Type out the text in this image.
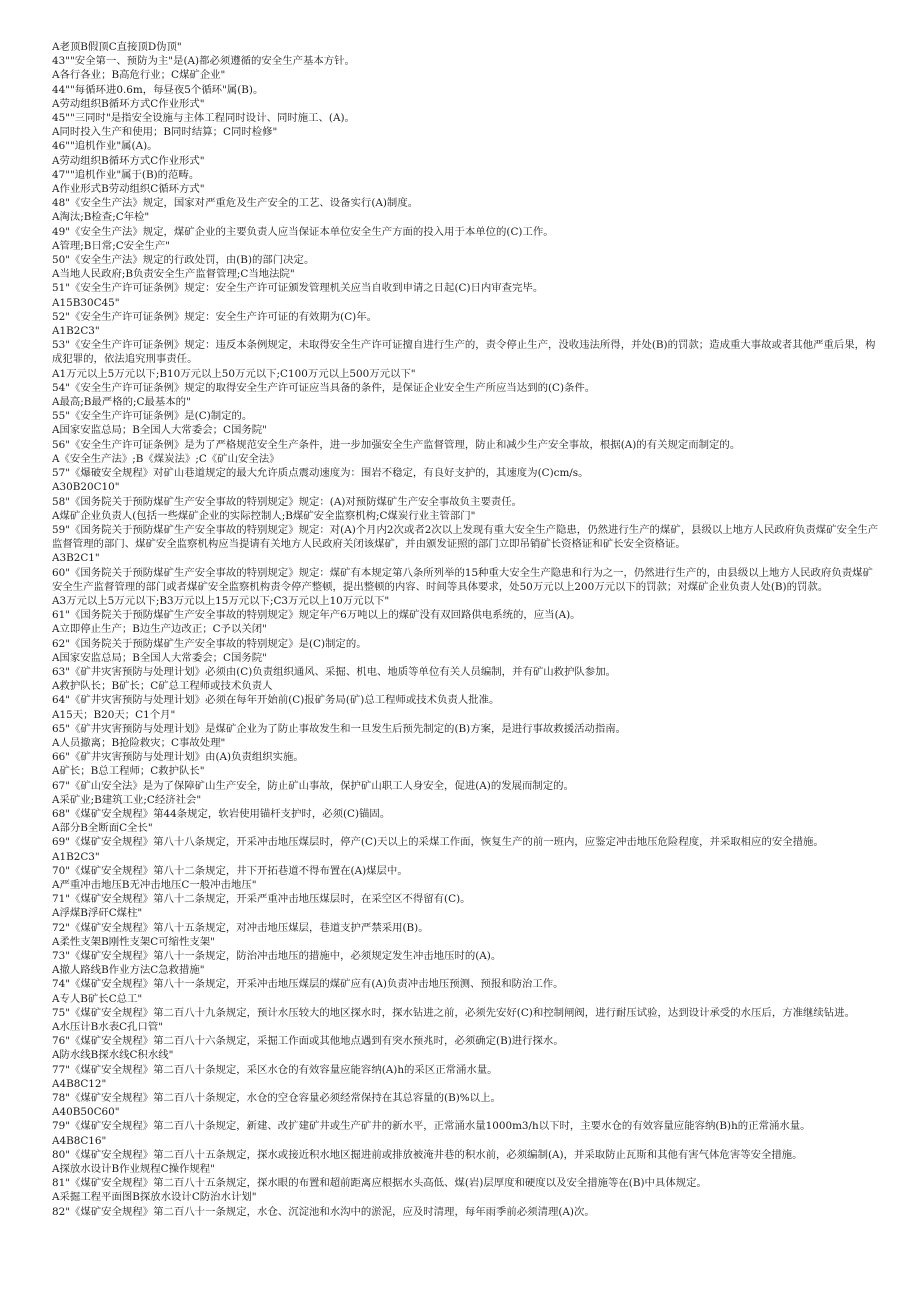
A老顶B假顶C直接顶D伪顶"

43""安全第一、预防为主"是(A)都必须遵循的安全生产基本方针。

A各行各业；B高危行业；C煤矿企业"

44""每循环进0.6m，每昼夜5个循环"属(B)。

A劳动组织B循环方式C作业形式"

45""三同时"是指安全设施与主体工程同时设计、同时施工、(A)。

A同时投入生产和使用；B同时结算；C同时检修"

46""追机作业"属(A)。

A劳动组织B循环方式C作业形式"

47""追机作业"属于(B)的范畴。

A作业形式B劳动组织C循环方式"

48"《安全生产法》规定，国家对严重危及生产安全的工艺、设备实行(A)制度。

A淘汰;B检查;C年检"

49"《安全生产法》规定，煤矿企业的主要负责人应当保证本单位安全生产方面的投入用于本单位的(C)工作。

A管理;B日常;C安全生产"

50"《安全生产法》规定的行政处罚，由(B)的部门决定。

A当地人民政府;B负责安全生产监督管理;C当地法院"

51"《安全生产许可证条例》规定：安全生产许可证颁发管理机关应当自收到申请之日起(C)日内审查完毕。

A15B30C45"

52"《安全生产许可证条例》规定：安全生产许可证的有效期为(C)年。

A1B2C3"

53"《安全生产许可证条例》规定：违反本条例规定，未取得安全生产许可证擅自进行生产的，责令停止生产，没收违法所得，并处(B)的罚款；造成重大事故或者其他严重后果，构成犯罪的，依法追究刑事责任。

A1万元以上5万元以下;B10万元以上50万元以下;C100万元以上500万元以下"

54"《安全生产许可证条例》规定的取得安全生产许可证应当具备的条件，是保证企业安全生产所应当达到的(C)条件。

A最高;B最严格的;C最基本的"

55"《安全生产许可证条例》是(C)制定的。

A国家安监总局；B全国人大常委会；C国务院"

56"《安全生产许可证条例》是为了严格规范安全生产条件，进一步加强安全生产监督管理，防止和减少生产安全事故，根据(A)的有关规定而制定的。

A《安全生产法》;B《煤炭法》;C《矿山安全法》

57"《爆破安全规程》对矿山巷道规定的最大允许质点震动速度为：围岩不稳定，有良好支护的，其速度为(C)cm/s。

A30B20C10"

58"《国务院关于预防煤矿生产安全事故的特别规定》规定：(A)对预防煤矿生产安全事故负主要责任。

A煤矿企业负责人(包括一些煤矿企业的实际控制人;B煤矿安全监察机构;C煤炭行业主管部门"

59"《国务院关于预防煤矿生产安全事故的特别规定》规定：对(A)个月内2次或者2次以上发现有重大安全生产隐患，仍然进行生产的煤矿，县级以上地方人民政府负责煤矿安全生产监督管理的部门、煤矿安全监察机构应当提请有关地方人民政府关闭该煤矿，并由颁发证照的部门立即吊销矿长资格证和矿长安全资格证。

A3B2C1"

60"《国务院关于预防煤矿生产安全事故的特别规定》规定：煤矿有本规定第八条所列举的15种重大安全生产隐患和行为之一，仍然进行生产的，由县级以上地方人民政府负责煤矿安全生产监督管理的部门或者煤矿安全监察机构责令停产整顿，提出整顿的内容、时间等具体要求，处50万元以上200万元以下的罚款；对煤矿企业负责人处(B)的罚款。

A3万元以上5万元以下;B3万元以上15万元以下;C3万元以上10万元以下"

61"《国务院关于预防煤矿生产安全事故的特别规定》规定年产6万吨以上的煤矿没有双回路供电系统的，应当(A)。

A立即停止生产；B边生产边改正；C予以关闭"

62"《国务院关于预防煤矿生产安全事故的特别规定》是(C)制定的。

A国家安监总局；B全国人大常委会；C国务院"

63"《矿井灾害预防与处理计划》必须由(C)负责组织通风、采掘、机电、地质等单位有关人员编制，并有矿山救护队参加。

A救护队长；B矿长；C矿总工程师或技术负责人

64"《矿井灾害预防与处理计划》必须在每年开始前(C)报矿务局(矿)总工程师或技术负责人批准。

A15天；B20天；C1个月"

65"《矿井灾害预防与处理计划》是煤矿企业为了防止事故发生和一旦发生后预先制定的(B)方案，是进行事故救援活动指南。

A人员撤离；B抢险救灾；C事故处理"

66"《矿井灾害预防与处理计划》由(A)负责组织实施。

A矿长；B总工程师；C救护队长"

67"《矿山安全法》是为了保障矿山生产安全，防止矿山事故，保护矿山职工人身安全，促进(A)的发展而制定的。

A采矿业;B建筑工业;C经济社会"

68"《煤矿安全规程》第44条规定，软岩使用锚杆支护时，必须(C)锚固。

A部分B全断面C全长"

69"《煤矿安全规程》第八十八条规定，开采冲击地压煤层时，停产(C)天以上的采煤工作面，恢复生产的前一班内，应鉴定冲击地压危险程度，并采取相应的安全措施。

A1B2C3"

70"《煤矿安全规程》第八十二条规定，井下开拓巷道不得布置在(A)煤层中。

A严重冲击地压B无冲击地压C一般冲击地压"

71"《煤矿安全规程》第八十二条规定，开采严重冲击地压煤层时，在采空区不得留有(C)。

A浮煤B浮矸C煤柱"

72"《煤矿安全规程》第八十五条规定，对冲击地压煤层，巷道支护严禁采用(B)。

A柔性支架B刚性支架C可缩性支架"

73"《煤矿安全规程》第八十一条规定，防治冲击地压的措施中，必须规定发生冲击地压时的(A)。

A撤人路线B作业方法C急救措施"

74"《煤矿安全规程》第八十一条规定，开采冲击地压煤层的煤矿应有(A)负责冲击地压预测、预报和防治工作。

A专人B矿长C总工"

75"《煤矿安全规程》第二百八十九条规定，预计水压较大的地区探水时，探水钻进之前，必须先安好(C)和控制闸阀，进行耐压试验，达到设计承受的水压后，方准继续钻进。

A水压计B水表C孔口管"

76"《煤矿安全规程》第二百八十六条规定，采掘工作面或其他地点遇到有突水预兆时，必须确定(B)进行探水。

A防水线B探水线C积水线"

77"《煤矿安全规程》第二百八十条规定，采区水仓的有效容量应能容纳(A)h的采区正常涌水量。

A4B8C12"

78"《煤矿安全规程》第二百八十条规定，水仓的空仓容量必须经常保持在其总容量的(B)%以上。

A40B50C60"

79"《煤矿安全规程》第二百八十条规定，新建、改扩建矿井或生产矿井的新水平，正常涌水量1000m3/h以下时，主要水仓的有效容量应能容纳(B)h的正常涌水量。

A4B8C16"

80"《煤矿安全规程》第二百八十五条规定，探水或接近积水地区掘进前或排放被淹井巷的积水前，必须编制(A)，并采取防止瓦斯和其他有害气体危害等安全措施。

A探放水设计B作业规程C操作规程"

81"《煤矿安全规程》第二百八十五条规定，探水眼的布置和超前距离应根据水头高低、煤(岩)层厚度和硬度以及安全措施等在(B)中具体规定。

A采掘工程平面图B探放水设计C防治水计划"

82"《煤矿安全规程》第二百八十一条规定，水仓、沉淀池和水沟中的淤泥，应及时清理，每年雨季前必须清理(A)次。
